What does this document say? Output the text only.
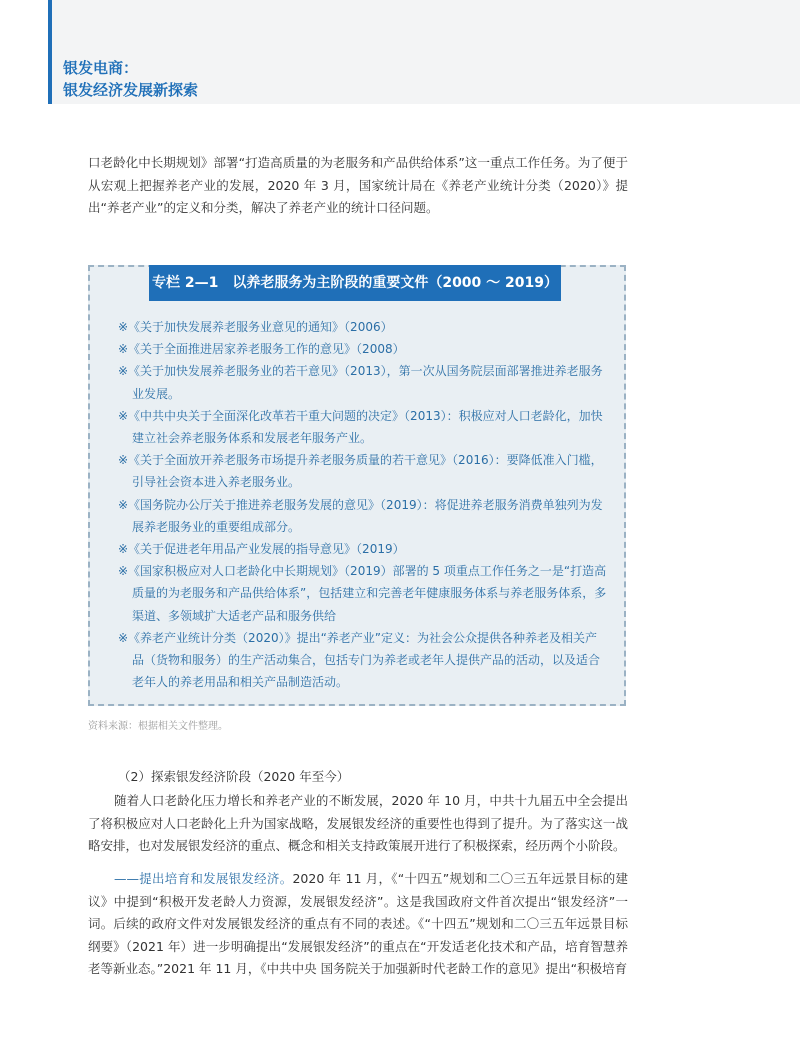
银发电商：
银发经济发展新探索

口老龄化中长期规划》部署“打造高质量的为老服务和产品供给体系”这一重点工作任务。为了便于从宏观上把握养老产业的发展，2020 年 3 月，国家统计局在《养老产业统计分类（2020）》提出“养老产业”的定义和分类，解决了养老产业的统计口径问题。

专栏 2—1　以养老服务为主阶段的重要文件（2000 ～ 2019）
※《关于加快发展养老服务业意见的通知》（2006）
※《关于全面推进居家养老服务工作的意见》（2008）
※《关于加快发展养老服务业的若干意见》（2013），第一次从国务院层面部署推进养老服务业发展。
※《中共中央关于全面深化改革若干重大问题的决定》（2013）：积极应对人口老龄化，加快建立社会养老服务体系和发展老年服务产业。
※《关于全面放开养老服务市场提升养老服务质量的若干意见》（2016）：要降低准入门槛，引导社会资本进入养老服务业。
※《国务院办公厅关于推进养老服务发展的意见》（2019）：将促进养老服务消费单独列为发展养老服务业的重要组成部分。
※《关于促进老年用品产业发展的指导意见》（2019）
※《国家积极应对人口老龄化中长期规划》（2019）部署的 5 项重点工作任务之一是“打造高质量的为老服务和产品供给体系”，包括建立和完善老年健康服务体系与养老服务体系，多渠道、多领域扩大适老产品和服务供给
※《养老产业统计分类（2020）》提出“养老产业”定义：为社会公众提供各种养老及相关产品（货物和服务）的生产活动集合，包括专门为养老或老年人提供产品的活动，以及适合老年人的养老用品和相关产品制造活动。
资料来源：根据相关文件整理。
（2）探索银发经济阶段（2020 年至今）

随着人口老龄化压力增长和养老产业的不断发展，2020 年 10 月，中共十九届五中全会提出了将积极应对人口老龄化上升为国家战略，发展银发经济的重要性也得到了提升。为了落实这一战略安排，也对发展银发经济的重点、概念和相关支持政策展开进行了积极探索，经历两个小阶段。

——提出培育和发展银发经济。2020 年 11 月，《“十四五”规划和二〇三五年远景目标的建议》中提到“积极开发老龄人力资源，发展银发经济”。这是我国政府文件首次提出“银发经济”一词。后续的政府文件对发展银发经济的重点有不同的表述。《“十四五”规划和二〇三五年远景目标纲要》（2021 年）进一步明确提出“发展银发经济”的重点在“开发适老化技术和产品，培育智慧养老等新业态。”2021 年 11 月，《中共中央 国务院关于加强新时代老龄工作的意见》提出“积极培育
